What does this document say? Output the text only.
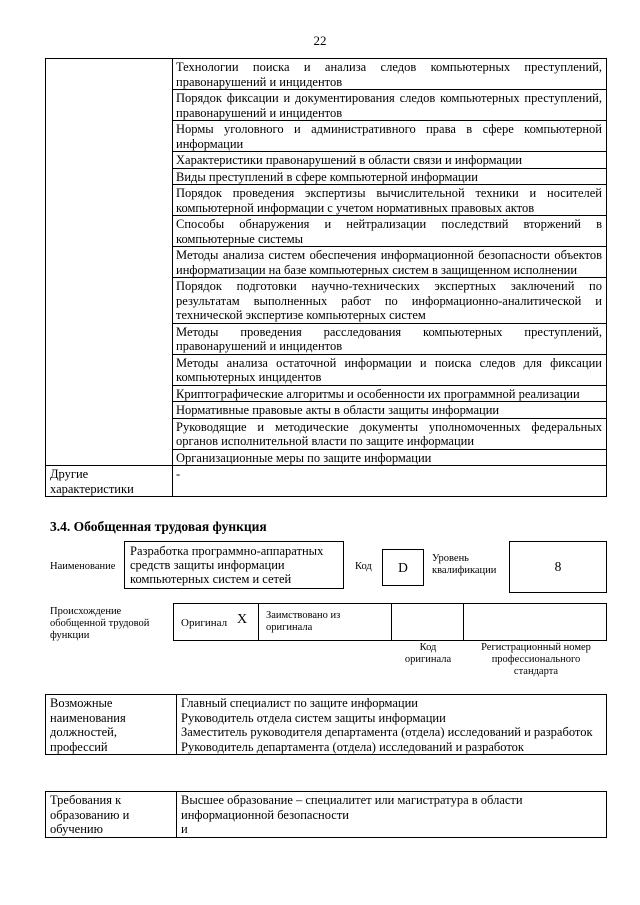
22
	Технологии поиска и анализа следов компьютерных преступлений, правонарушений и инцидентов
	Порядок фиксации и документирования следов компьютерных преступлений, правонарушений и инцидентов
	Нормы уголовного и административного права в сфере компьютерной информации
	Характеристики правонарушений в области связи и информации
	Виды преступлений в сфере компьютерной информации
	Порядок проведения экспертизы вычислительной техники и носителей компьютерной информации с учетом нормативных правовых актов
	Способы обнаружения и нейтрализации последствий вторжений в компьютерные системы
	Методы анализа систем обеспечения информационной безопасности объектов информатизации на базе компьютерных систем в защищенном исполнении
	Порядок подготовки научно-технических экспертных заключений по результатам выполненных работ по информационно-аналитической и технической экспертизе компьютерных систем
	Методы проведения расследования компьютерных преступлений, правонарушений и инцидентов
	Методы анализа остаточной информации и поиска следов для фиксации компьютерных инцидентов
	Криптографические алгоритмы и особенности их программной реализации
	Нормативные правовые акты в области защиты информации
	Руководящие и методические документы уполномоченных федеральных органов исполнительной власти по защите информации
	Организационные меры по защите информации
Другие характеристики	-
3.4. Обобщенная трудовая функция
Наименование
Разработка программно-аппаратных средств защиты информации компьютерных систем и сетей
Код	D
Уровень квалификации	8
Происхождение обобщенной трудовой функции
Оригинал X Заимствовано из оригинала
Код оригинала
Регистрационный номер профессионального стандарта
Возможные наименования должностей, профессий	
Главный специалист по защите информации
Руководитель отдела систем защиты информации
Заместитель руководителя департамента (отдела) исследований и разработок
Руководитель департамента (отдела) исследований и разработок
Требования к образованию и обучению	
Высшее образование – специалитет или магистратура в области информационной безопасности
и
